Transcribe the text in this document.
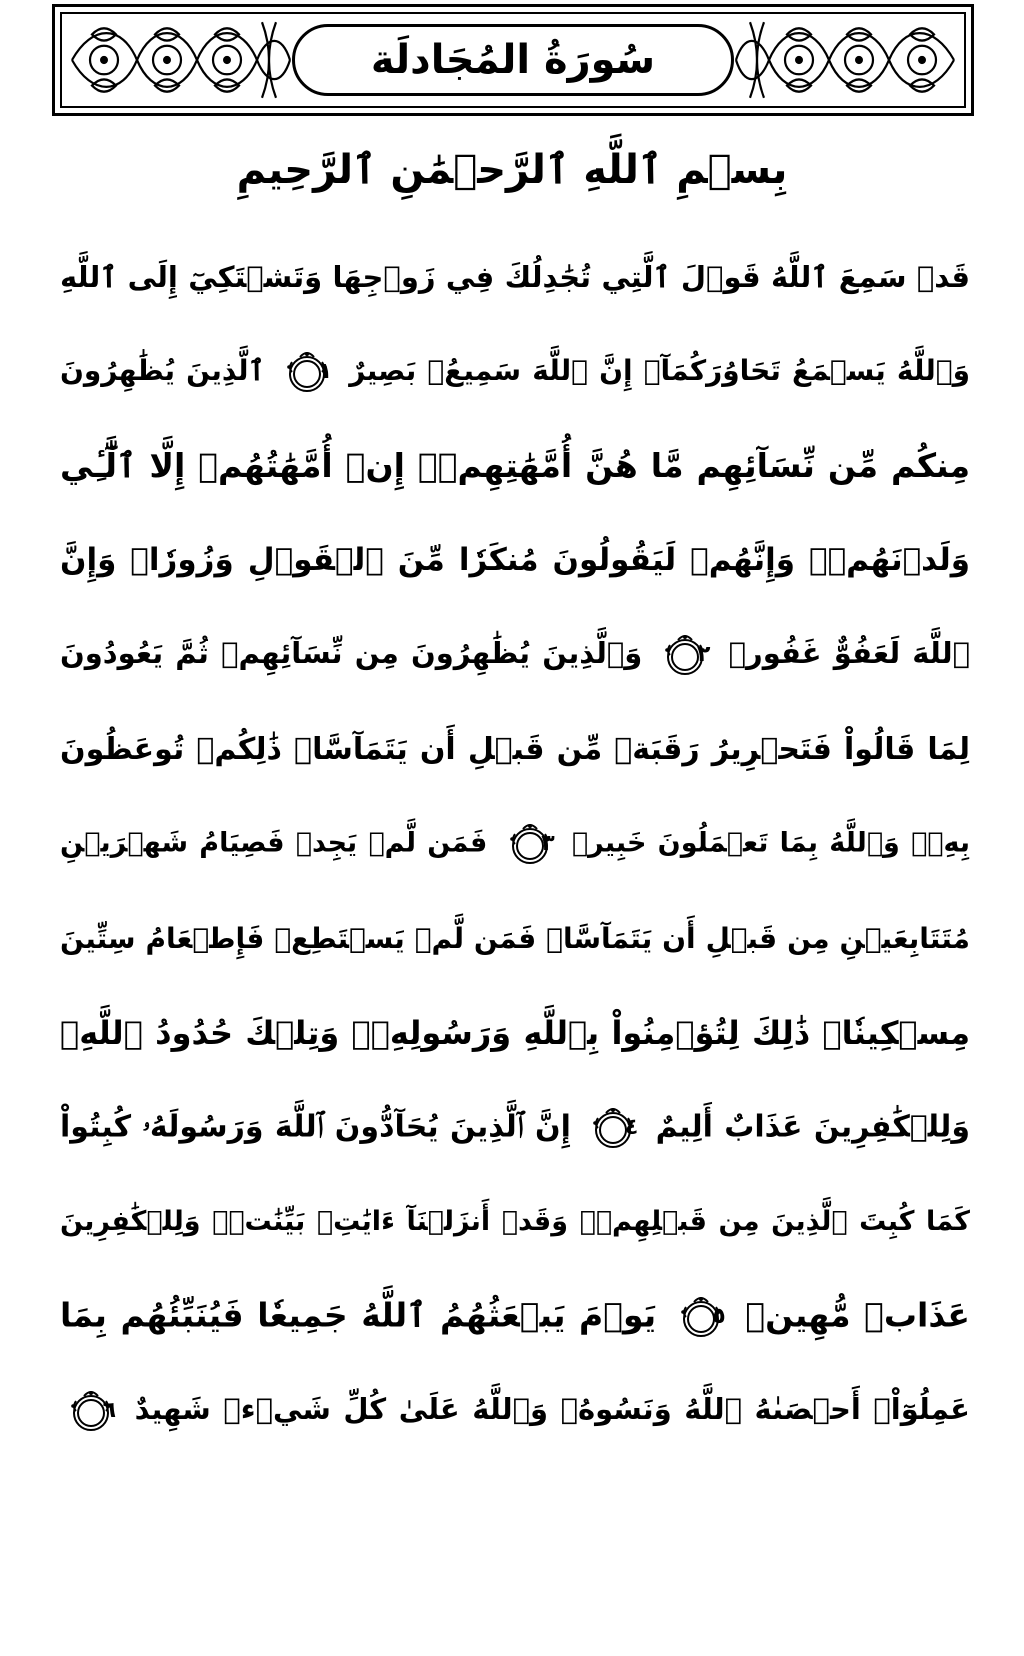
سُورَةُ المُجَادلَة
بِسۡمِ ٱللَّهِ ٱلرَّحۡمَٰنِ ٱلرَّحِيمِ
قَدۡ سَمِعَ ٱللَّهُ قَوۡلَ ٱلَّتِي تُجَٰدِلُكَ فِي زَوۡجِهَا وَتَشۡتَكِيٓ إِلَى ٱللَّهِ
وَٱللَّهُ يَسۡمَعُ تَحَاوُرَكُمَآۚ إِنَّ ٱللَّهَ سَمِيعُۢ بَصِيرٌ
١
ٱلَّذِينَ يُظَٰهِرُونَ
مِنكُم مِّن نِّسَآئِهِم مَّا هُنَّ أُمَّهَٰتِهِمۡۖ إِنۡ أُمَّهَٰتُهُمۡ إِلَّا ٱلَّٰٓـِٔي
وَلَدۡنَهُمۡۚ وَإِنَّهُمۡ لَيَقُولُونَ مُنكَرٗا مِّنَ ٱلۡقَوۡلِ وَزُورٗاۚ وَإِنَّ
ٱللَّهَ لَعَفُوٌّ غَفُورٞ
٢
وَٱلَّذِينَ يُظَٰهِرُونَ مِن نِّسَآئِهِمۡ ثُمَّ يَعُودُونَ
لِمَا قَالُواْ فَتَحۡرِيرُ رَقَبَةٖ مِّن قَبۡلِ أَن يَتَمَآسَّاۚ ذَٰلِكُمۡ تُوعَظُونَ
بِهِۦۚ وَٱللَّهُ بِمَا تَعۡمَلُونَ خَبِيرٞ
٣
فَمَن لَّمۡ يَجِدۡ فَصِيَامُ شَهۡرَيۡنِ
مُتَتَابِعَيۡنِ مِن قَبۡلِ أَن يَتَمَآسَّاۖ فَمَن لَّمۡ يَسۡتَطِعۡ فَإِطۡعَامُ سِتِّينَ
مِسۡكِينٗاۚ ذَٰلِكَ لِتُؤۡمِنُواْ بِٱللَّهِ وَرَسُولِهِۦۚ وَتِلۡكَ حُدُودُ ٱللَّهِۗ
وَلِلۡكَٰفِرِينَ عَذَابٌ أَلِيمٌ
٤
إِنَّ ٱلَّذِينَ يُحَآدُّونَ ٱللَّهَ وَرَسُولَهُۥ كُبِتُواْ
كَمَا كُبِتَ ٱلَّذِينَ مِن قَبۡلِهِمۡۚ وَقَدۡ أَنزَلۡنَآ ءَايَٰتِۭ بَيِّنَٰتٖۚ وَلِلۡكَٰفِرِينَ
عَذَابٞ مُّهِينٞ
٥
يَوۡمَ يَبۡعَثُهُمُ ٱللَّهُ جَمِيعٗا فَيُنَبِّئُهُم بِمَا
عَمِلُوٓاْۚ أَحۡصَىٰهُ ٱللَّهُ وَنَسُوهُۚ وَٱللَّهُ عَلَىٰ كُلِّ شَيۡءٖ شَهِيدٌ
٦
